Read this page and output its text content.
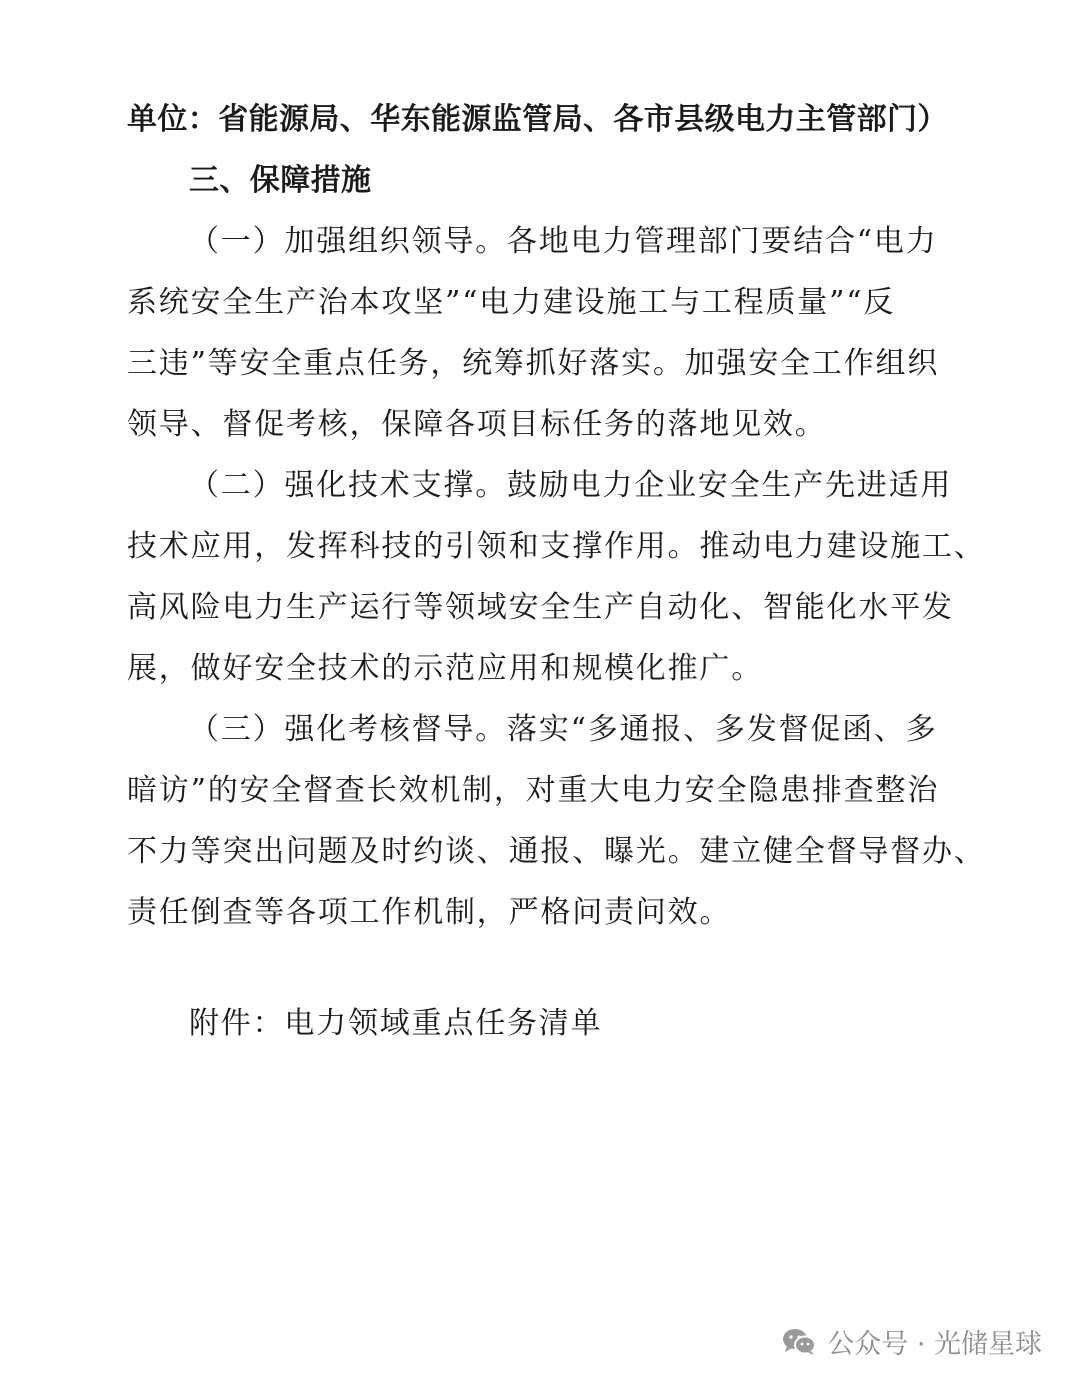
单位：省能源局、华东能源监管局、各市县级电力主管部门）
三、保障措施
（一）加强组织领导。各地电力管理部门要结合“电力
系统安全生产治本攻坚”“电力建设施工与工程质量”“反
三违”等安全重点任务，统筹抓好落实。加强安全工作组织
领导、督促考核，保障各项目标任务的落地见效。
（二）强化技术支撑。鼓励电力企业安全生产先进适用
技术应用，发挥科技的引领和支撑作用。推动电力建设施工、
高风险电力生产运行等领域安全生产自动化、智能化水平发
展，做好安全技术的示范应用和规模化推广。
（三）强化考核督导。落实“多通报、多发督促函、多
暗访”的安全督查长效机制，对重大电力安全隐患排查整治
不力等突出问题及时约谈、通报、曝光。建立健全督导督办、
责任倒查等各项工作机制，严格问责问效。
附件：电力领域重点任务清单
公众号 · 光储星球
